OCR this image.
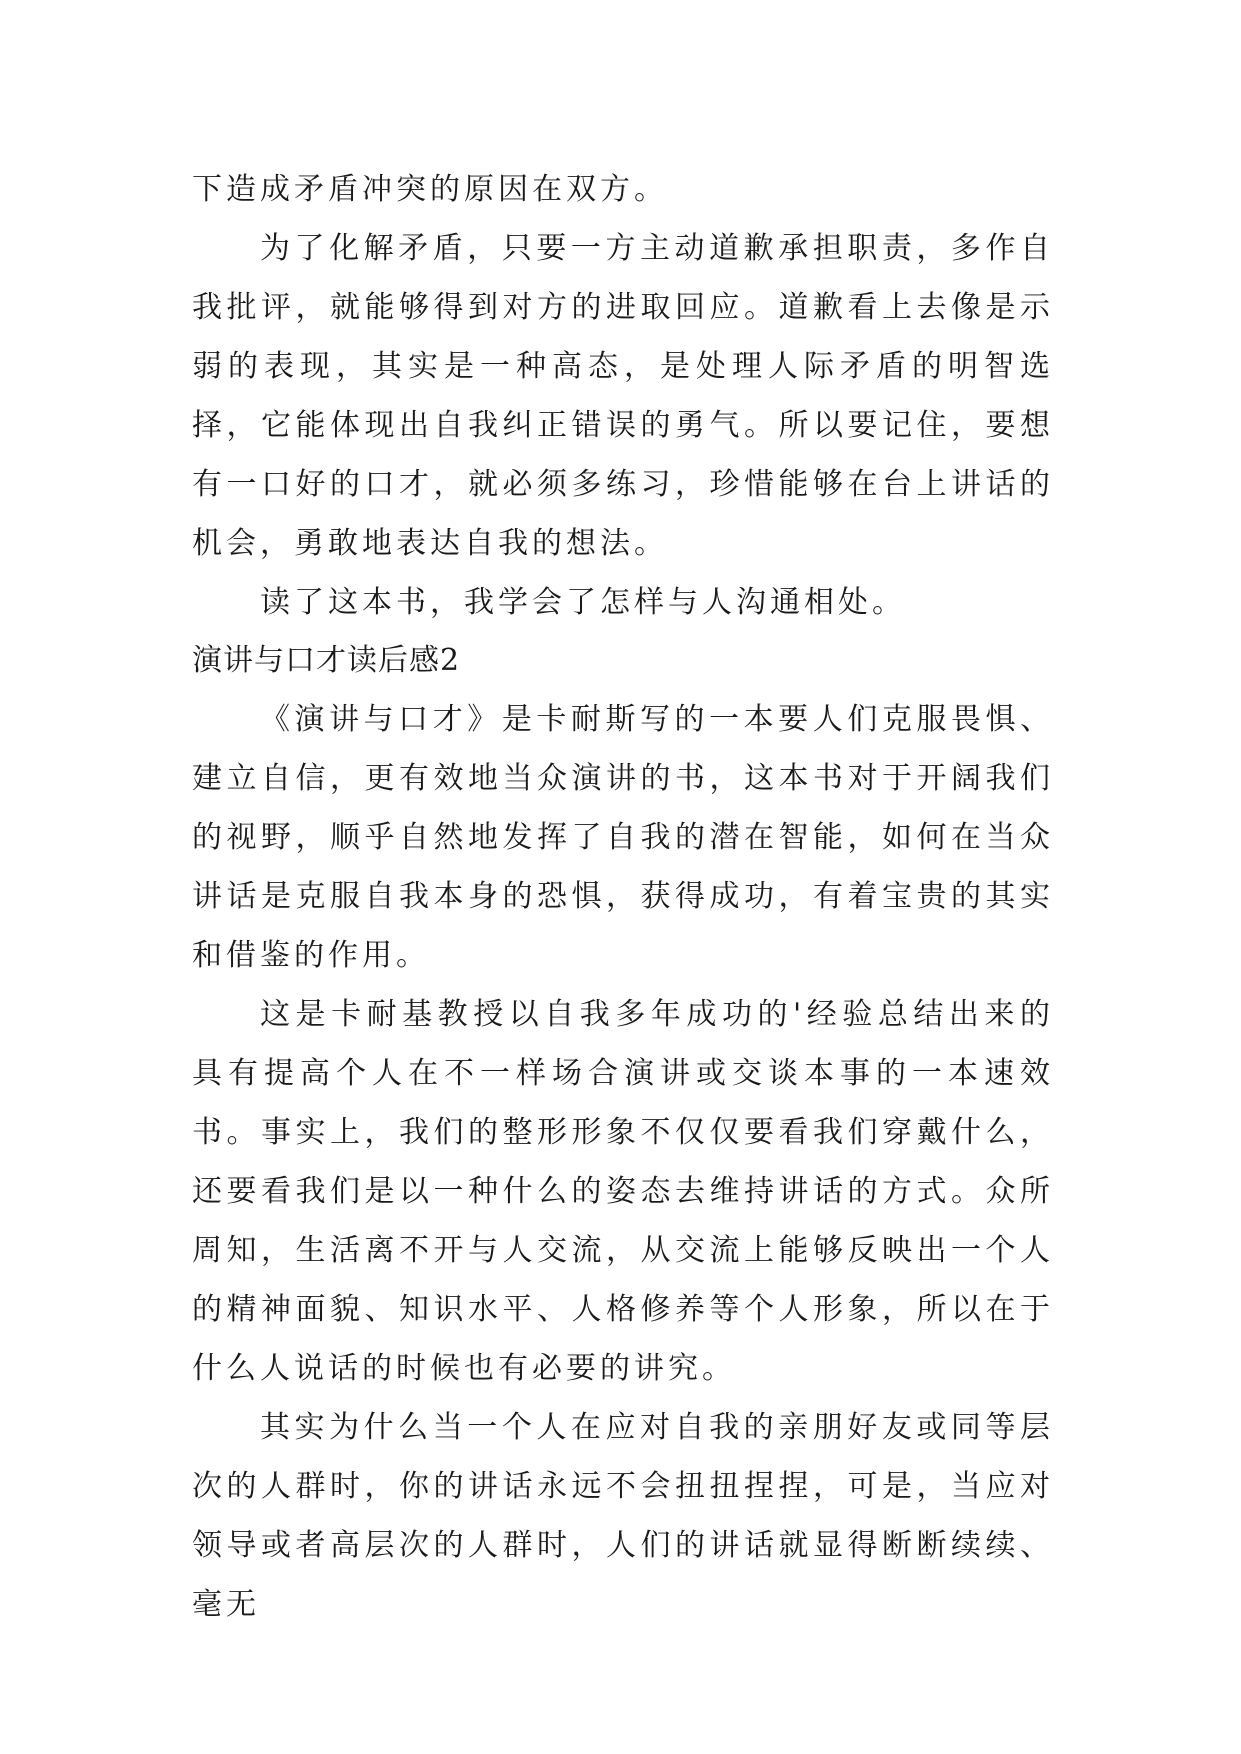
下造成矛盾冲突的原因在双方。

为了化解矛盾，只要一方主动道歉承担职责，多作自我批评，就能够得到对方的进取回应。道歉看上去像是示弱的表现，其实是一种高态，是处理人际矛盾的明智选择，它能体现出自我纠正错误的勇气。所以要记住，要想有一口好的口才，就必须多练习，珍惜能够在台上讲话的机会，勇敢地表达自我的想法。

读了这本书，我学会了怎样与人沟通相处。

演讲与口才读后感2

《演讲与口才》是卡耐斯写的一本要人们克服畏惧、建立自信，更有效地当众演讲的书，这本书对于开阔我们的视野，顺乎自然地发挥了自我的潜在智能，如何在当众讲话是克服自我本身的恐惧，获得成功，有着宝贵的其实和借鉴的作用。

这是卡耐基教授以自我多年成功的'经验总结出来的具有提高个人在不一样场合演讲或交谈本事的一本速效书。事实上，我们的整形形象不仅仅要看我们穿戴什么，还要看我们是以一种什么的姿态去维持讲话的方式。众所周知，生活离不开与人交流，从交流上能够反映出一个人的精神面貌、知识水平、人格修养等个人形象，所以在于什么人说话的时候也有必要的讲究。

其实为什么当一个人在应对自我的亲朋好友或同等层次的人群时，你的讲话永远不会扭扭捏捏，可是，当应对领导或者高层次的人群时，人们的讲话就显得断断续续、毫无
